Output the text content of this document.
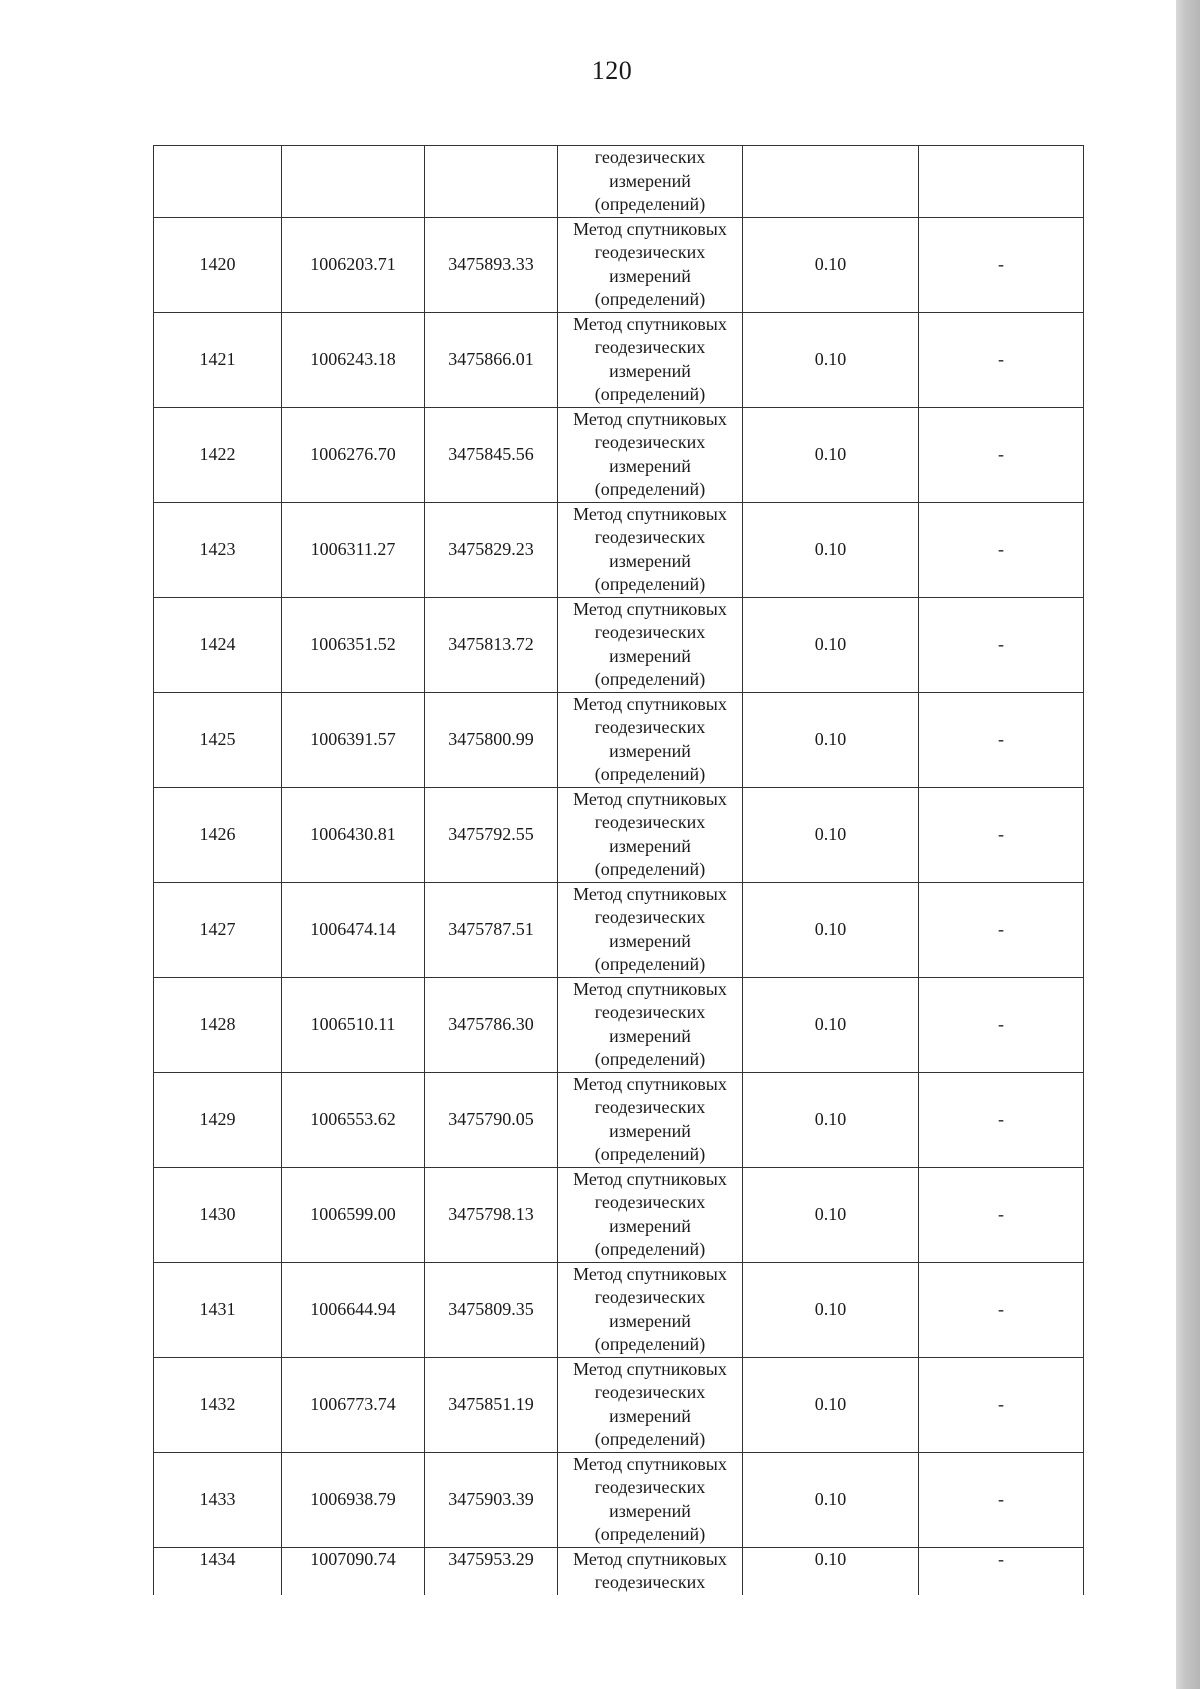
120

			геодезических
измерений
(определений)		

1420	1006203.71	3475893.33	Метод спутниковых
геодезических
измерений
(определений)	0.10	-
1421	1006243.18	3475866.01	Метод спутниковых
геодезических
измерений
(определений)	0.10	-
1422	1006276.70	3475845.56	Метод спутниковых
геодезических
измерений
(определений)	0.10	-
1423	1006311.27	3475829.23	Метод спутниковых
геодезических
измерений
(определений)	0.10	-
1424	1006351.52	3475813.72	Метод спутниковых
геодезических
измерений
(определений)	0.10	-
1425	1006391.57	3475800.99	Метод спутниковых
геодезических
измерений
(определений)	0.10	-
1426	1006430.81	3475792.55	Метод спутниковых
геодезических
измерений
(определений)	0.10	-
1427	1006474.14	3475787.51	Метод спутниковых
геодезических
измерений
(определений)	0.10	-
1428	1006510.11	3475786.30	Метод спутниковых
геодезических
измерений
(определений)	0.10	-
1429	1006553.62	3475790.05	Метод спутниковых
геодезических
измерений
(определений)	0.10	-
1430	1006599.00	3475798.13	Метод спутниковых
геодезических
измерений
(определений)	0.10	-
1431	1006644.94	3475809.35	Метод спутниковых
геодезических
измерений
(определений)	0.10	-
1432	1006773.74	3475851.19	Метод спутниковых
геодезических
измерений
(определений)	0.10	-
1433	1006938.79	3475903.39	Метод спутниковых
геодезических
измерений
(определений)	0.10	-
1434	1007090.74	3475953.29	Метод спутниковых
геодезических	0.10	-
